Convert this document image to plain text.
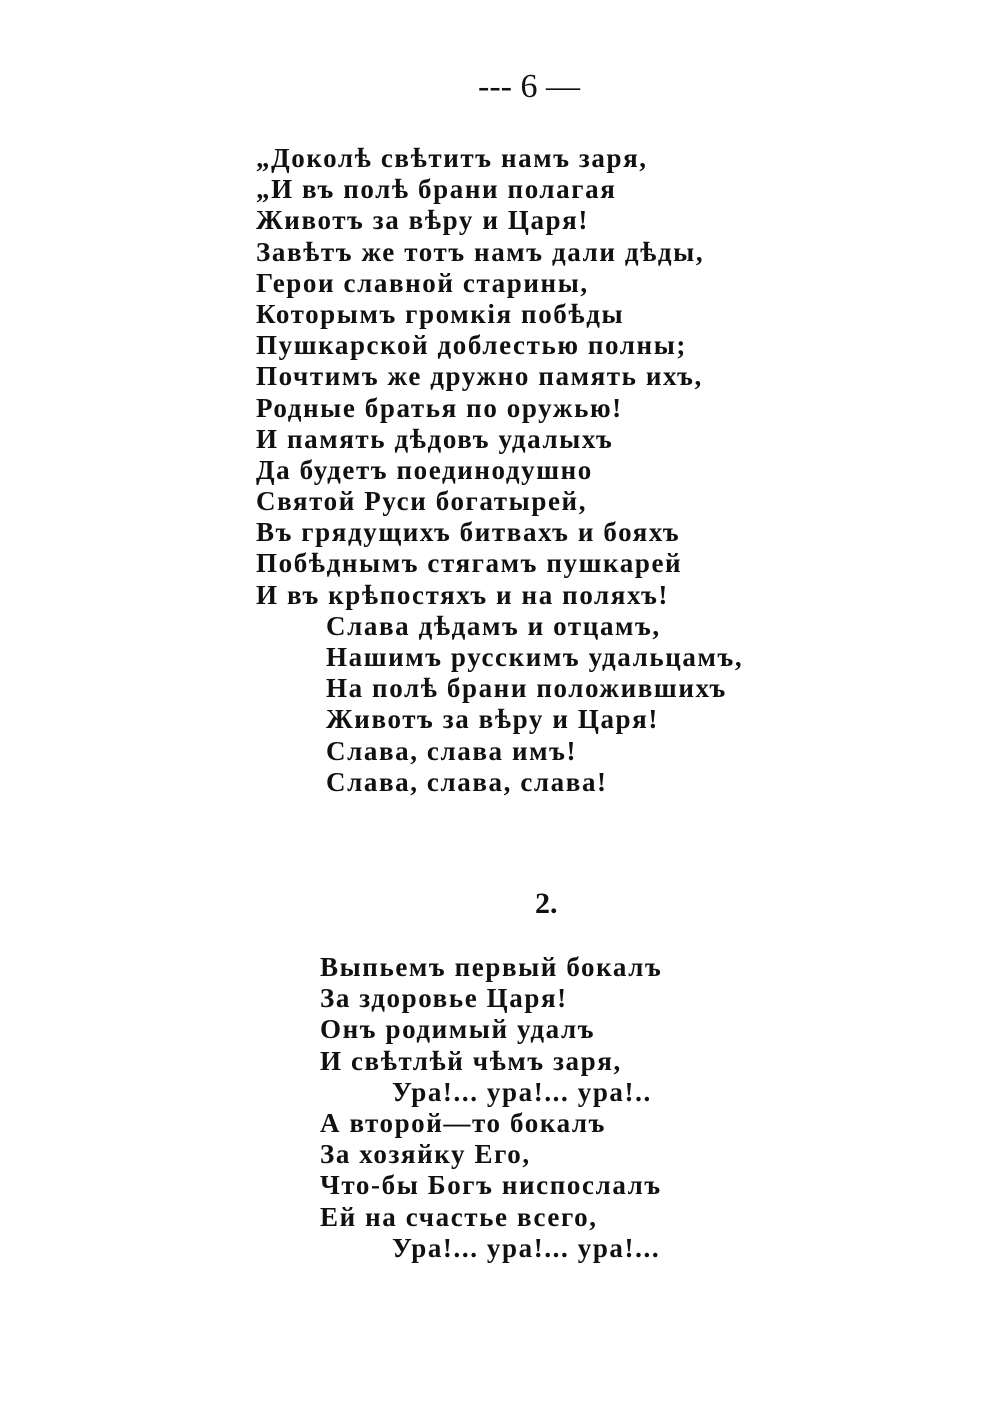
--- 6 —
„Доколѣ свѣтитъ намъ заря,
„И въ полѣ брани полагая
Животъ за вѣру и Царя!
Завѣтъ же тотъ намъ дали дѣды,
Герои славной старины,
Которымъ громкія побѣды
Пушкарской доблестью полны;
Почтимъ же дружно память ихъ,
Родные братья по оружью!
И память дѣдовъ удалыхъ
Да будетъ поединодушно
Святой Руси богатырей,
Въ грядущихъ битвахъ и бояхъ
Побѣднымъ стягамъ пушкарей
И въ крѣпостяхъ и на поляхъ!
Слава дѣдамъ и отцамъ,
Нашимъ русскимъ удальцамъ,
На полѣ брани положившихъ
Животъ за вѣру и Царя!
Слава, слава имъ!
Слава, слава, слава!
2.
Выпьемъ первый бокалъ
За здоровье Царя!
Онъ родимый удалъ
И свѣтлѣй чѣмъ заря,
Ура!... ура!... ура!..
А второй—то бокалъ
За хозяйку Его,
Что-бы Богъ ниспослалъ
Ей на счастье всего,
Ура!... ура!... ура!...
